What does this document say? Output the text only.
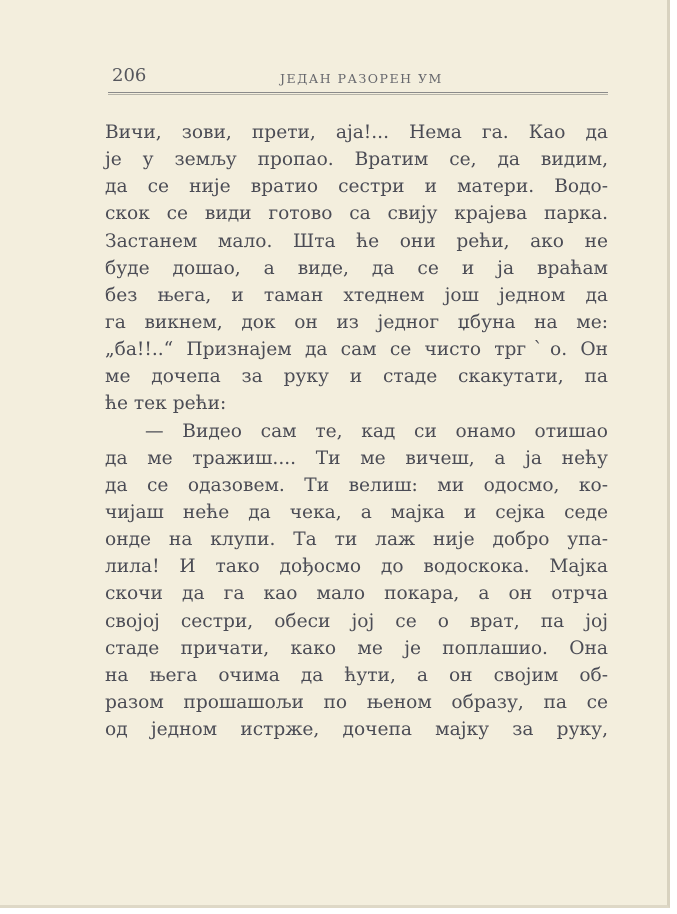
206	ЈЕДАН РАЗОРЕН УМ
Вичи, зови, прети, аја!... Нема га. Као да
је у земљу пропао. Вратим се, да видим,
да се није вратио сестри и матери. Водо-
скок се види готово са свију крајева парка.
Застанем мало. Шта ће они рећи, ако не
буде дошао, а виде, да се и ја враћам
без њега, и таман хтеднем још једном да
га викнем, док он из једног џбуна на ме:
„ба!!..“ Признајем да сам се чисто тргˋо. Он
ме дочепа за руку и стаде скакутати, па
ће тек рећи:
— Видео сам те, кад си онамо отишао
да ме тражиш.... Ти ме вичеш, а ја нећу
да се одазовем. Ти велиш: ми одосмо, ко-
чијаш неће да чека, а мајка и сејка седе
онде на клупи. Та ти лаж није добро упа-
лила! И тако дођосмо до водоскока. Мајка
скочи да га као мало покара, а он отрча
својој сестри, обеси јој се о врат, па јој
стаде причати, како ме је поплашио. Она
на њега очима да ћути, а он својим об-
разом прошашољи по њеном образу, па се
од једном истрже, дочепа мајку за руку,
